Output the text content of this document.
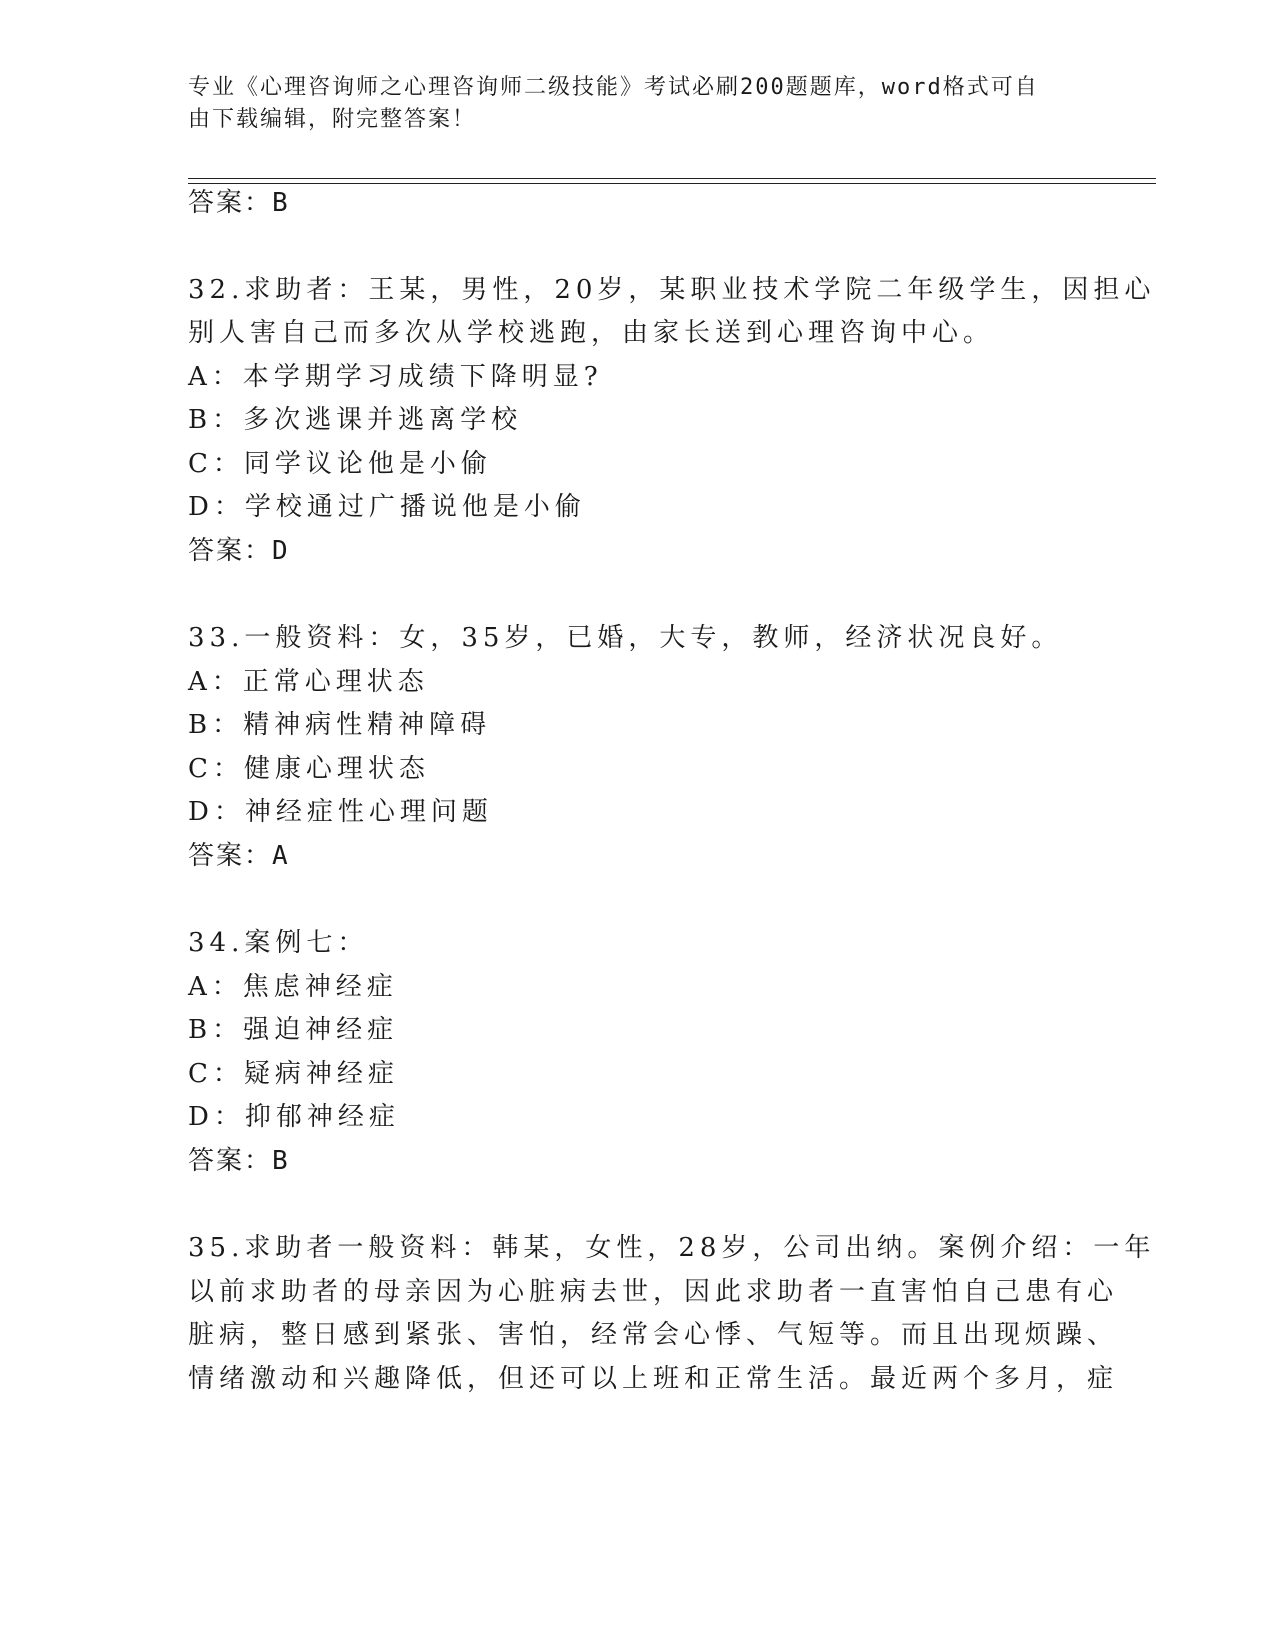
专业《心理咨询师之心理咨询师二级技能》考试必刷200题题库，word格式可自
由下载编辑，附完整答案！
答案：B
32.求助者：王某，男性，20岁，某职业技术学院二年级学生，因担心
别人害自己而多次从学校逃跑，由家长送到心理咨询中心。
A：本学期学习成绩下降明显?
B：多次逃课并逃离学校
C：同学议论他是小偷
D：学校通过广播说他是小偷
答案：D
33.一般资料：女，35岁，已婚，大专，教师，经济状况良好。
A：正常心理状态
B：精神病性精神障碍
C：健康心理状态
D：神经症性心理问题
答案：A
34.案例七：
A：焦虑神经症
B：强迫神经症
C：疑病神经症
D：抑郁神经症
答案：B
35.求助者一般资料：韩某，女性，28岁，公司出纳。案例介绍：一年
以前求助者的母亲因为心脏病去世，因此求助者一直害怕自己患有心
脏病，整日感到紧张、害怕，经常会心悸、气短等。而且出现烦躁、
情绪激动和兴趣降低，但还可以上班和正常生活。最近两个多月，症
